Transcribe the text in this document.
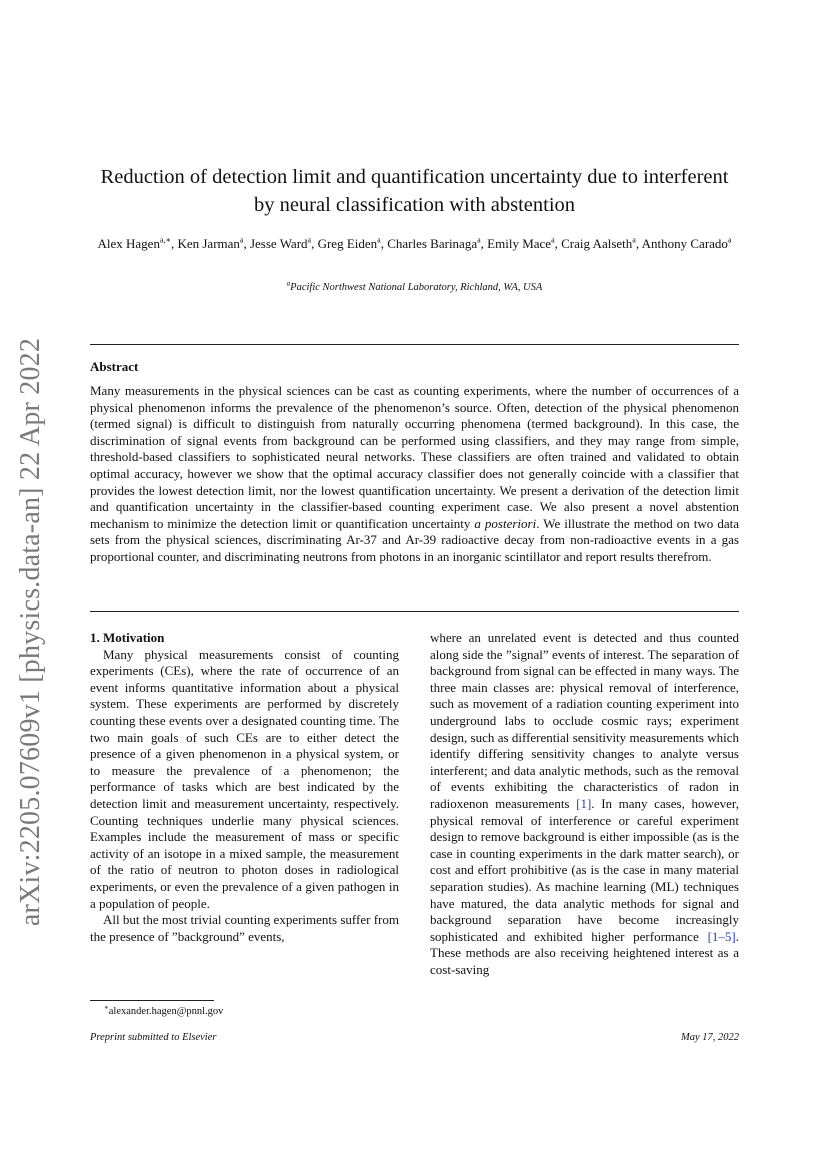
arXiv:2205.07609v1 [physics.data-an] 22 Apr 2022
Reduction of detection limit and quantification uncertainty due to interferent by neural classification with abstention
Alex Hagen$^{a,∗}$, Ken Jarman$^a$, Jesse Ward$^a$, Greg Eiden$^a$, Charles Barinaga$^a$, Emily Mace$^a$, Craig Aalseth$^a$, Anthony Carado$^a$
$^a$Pacific Northwest National Laboratory, Richland, WA, USA
Abstract
Many measurements in the physical sciences can be cast as counting experiments, where the number of occurrences of a physical phenomenon informs the prevalence of the phenomenon’s source. Often, detection of the physical phenomenon (termed signal) is difficult to distinguish from naturally occurring phenomena (termed background). In this case, the discrimination of signal events from background can be performed using classifiers, and they may range from simple, threshold-based classifiers to sophisticated neural networks. These classifiers are often trained and validated to obtain optimal accuracy, however we show that the optimal accuracy classifier does not generally coincide with a classifier that provides the lowest detection limit, nor the lowest quantification uncertainty. We present a derivation of the detection limit and quantification uncertainty in the classifier-based counting experiment case. We also present a novel abstention mechanism to minimize the detection limit or quantification uncertainty a posteriori. We illustrate the method on two data sets from the physical sciences, discriminating Ar-37 and Ar-39 radioactive decay from non-radioactive events in a gas proportional counter, and discriminating neutrons from photons in an inorganic scintillator and report results therefrom.

1. Motivation

Many physical measurements consist of counting experiments (CEs), where the rate of occurrence of an event informs quantitative information about a physical system. These experiments are performed by discretely counting these events over a designated counting time. The two main goals of such CEs are to either detect the presence of a given phenomenon in a physical system, or to measure the prevalence of a phenomenon; the performance of tasks which are best indicated by the detection limit and measurement uncertainty, respectively. Counting techniques underlie many physical sciences. Examples include the measurement of mass or specific activity of an isotope in a mixed sample, the measurement of the ratio of neutron to photon doses in radiological experiments, or even the prevalence of a given pathogen in a population of people.

All but the most trivial counting experiments suffer from the presence of ”background” events,

where an unrelated event is detected and thus counted along side the ”signal” events of interest. The separation of background from signal can be effected in many ways. The three main classes are: physical removal of interference, such as movement of a radiation counting experiment into underground labs to occlude cosmic rays; experiment design, such as differential sensitivity measurements which identify differing sensitivity changes to analyte versus interferent; and data analytic methods, such as the removal of events exhibiting the characteristics of radon in radioxenon measurements [1]. In many cases, however, physical removal of interference or careful experiment design to remove background is either impossible (as is the case in counting experiments in the dark matter search), or cost and effort prohibitive (as is the case in many material separation studies). As machine learning (ML) techniques have matured, the data analytic methods for signal and background separation have become increasingly sophisticated and exhibited higher performance [1–5]. These methods are also receiving heightened interest as a cost-saving

∗alexander.hagen@pnnl.gov
Preprint submitted to Elsevier	May 17, 2022
